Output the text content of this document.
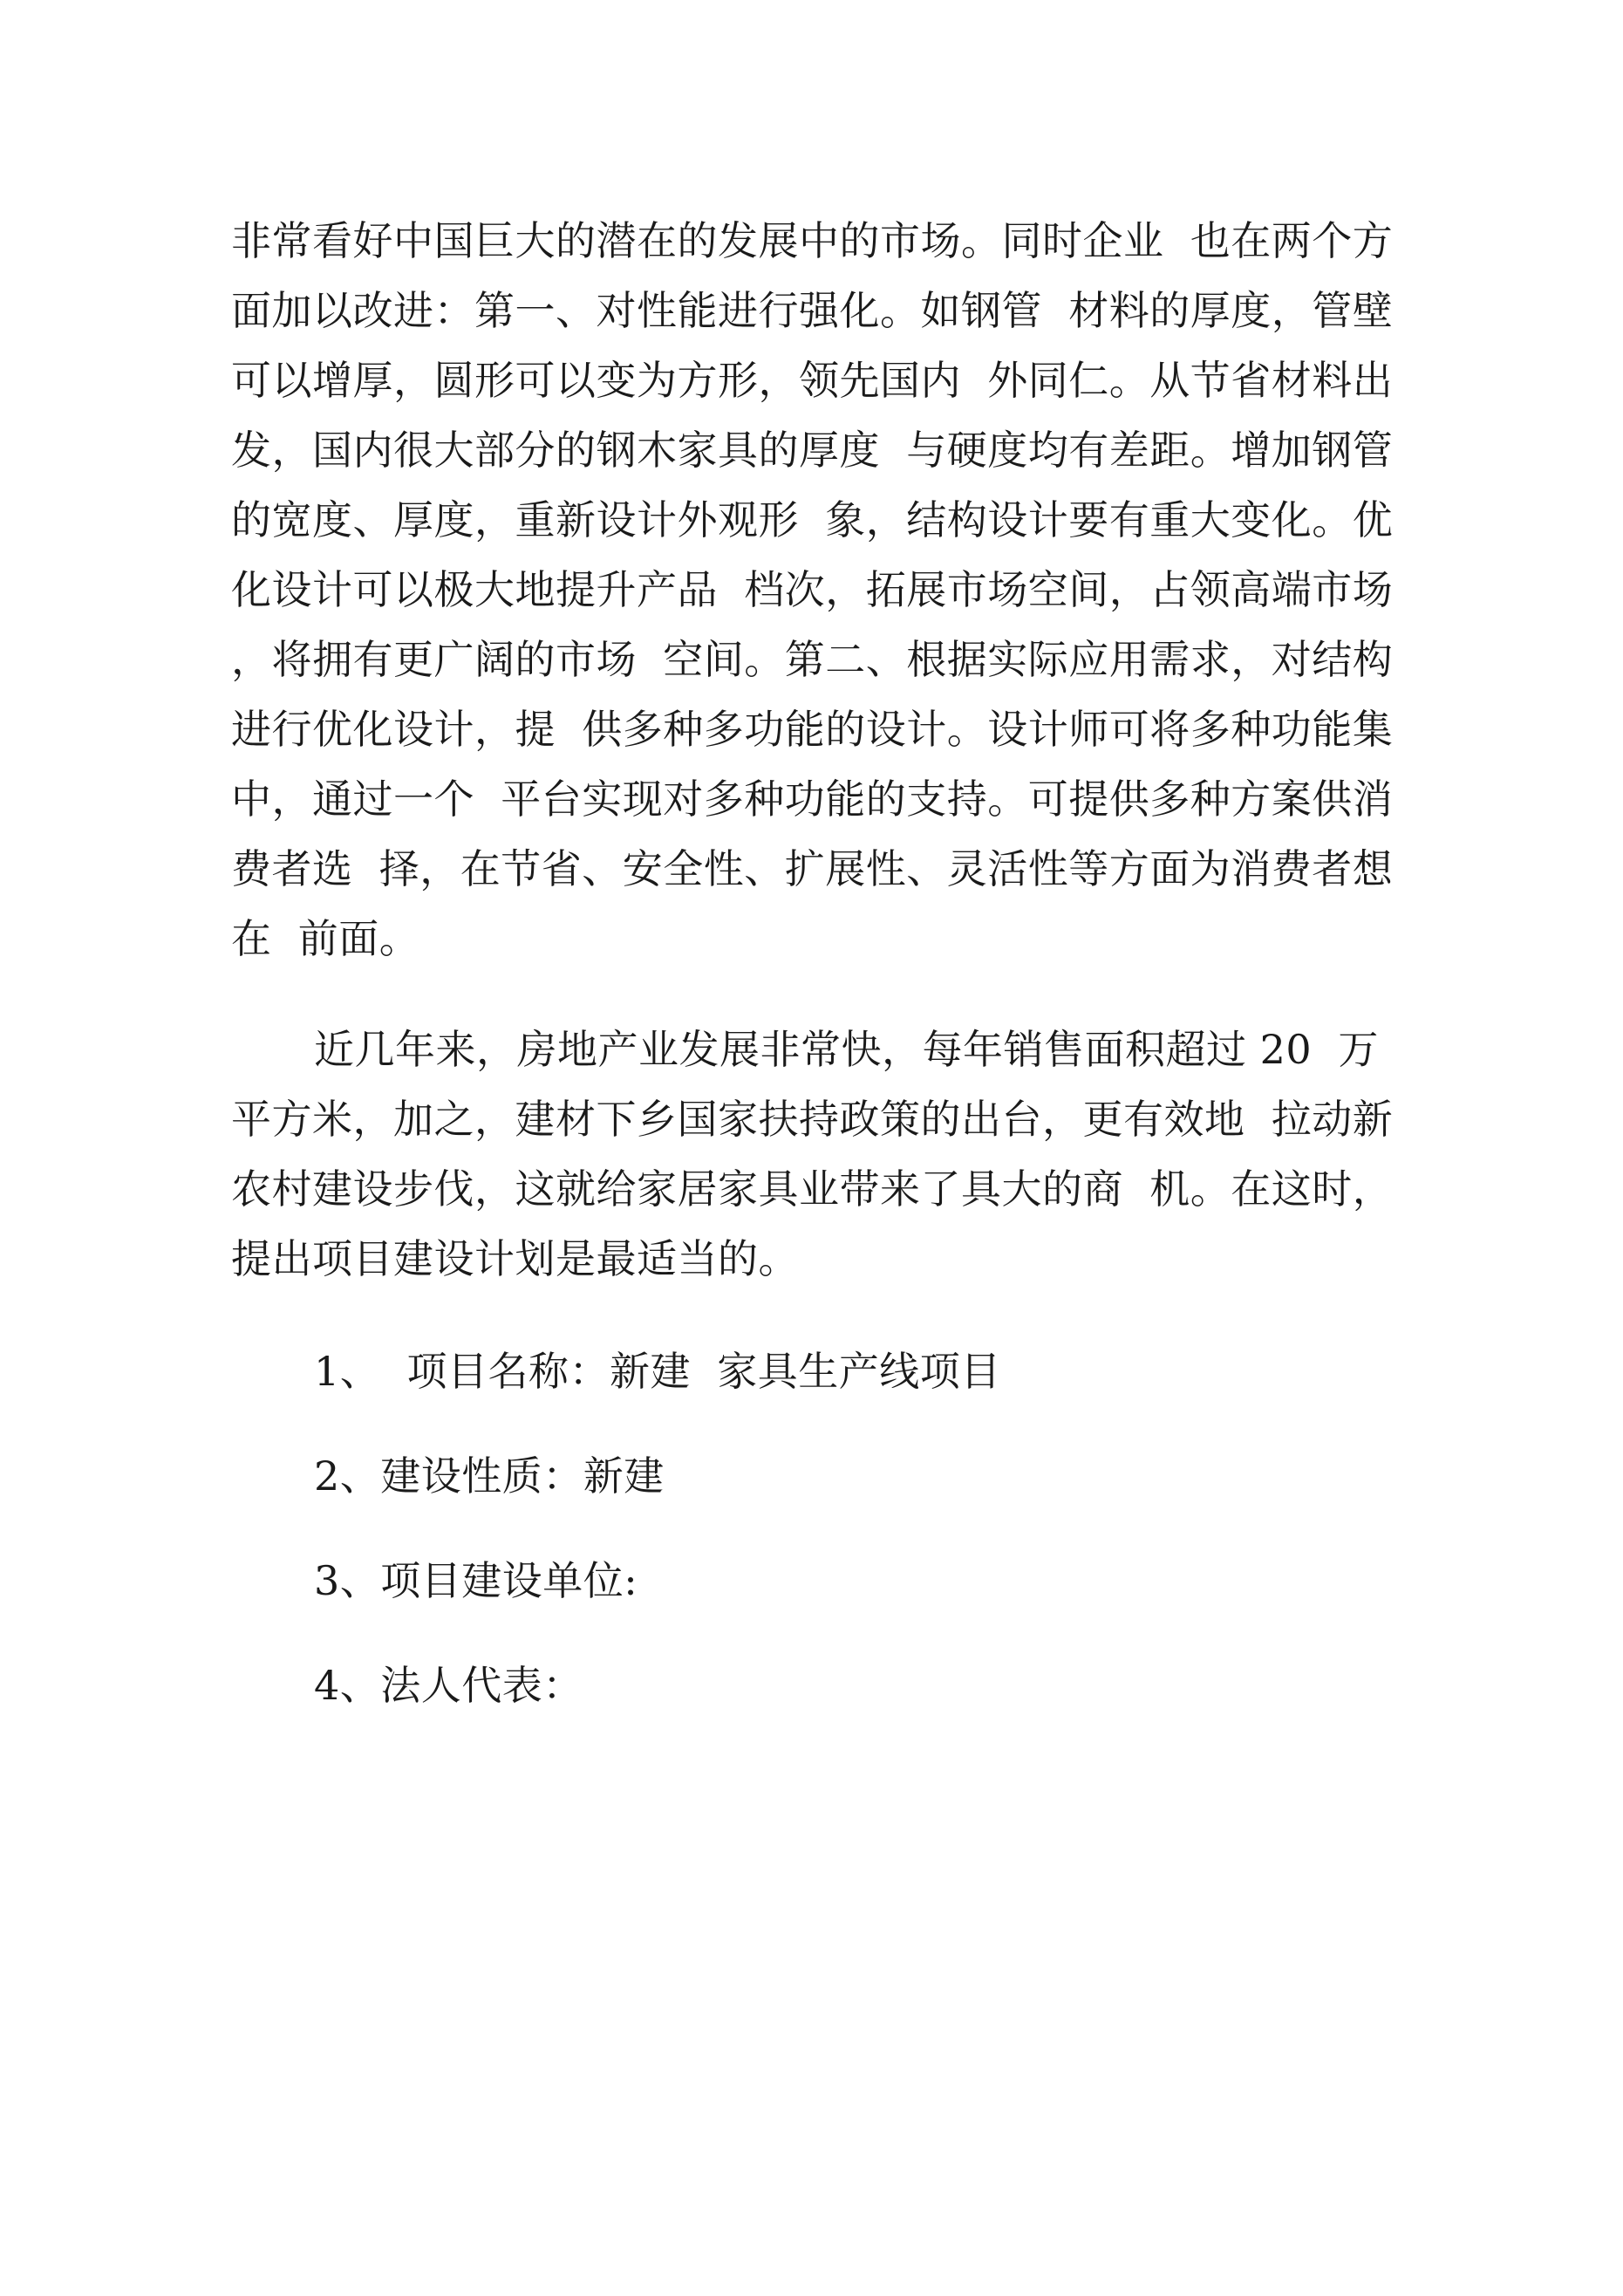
非常看好中国巨大的潜在的发展中的市场。同时企业  也在两个方
面加以改进：第一、对性能进行强化。如钢管  材料的厚度，管壁
可以增厚，圆形可以变为方形，领先国内  外同仁。从节省材料出
发，国内很大部分的钢木家具的厚度  与硬度均有差距。增加钢管
的宽度、厚度，重新设计外观形  象，结构设计要有重大变化。优
化设计可以极大地提升产品  档次，拓展市场空间，占领高端市场
，将拥有更广阔的市场  空间。第二、根据实际应用需求，对结构
进行优化设计，提  供多种多功能的设计。设计师可将多种功能集
中，通过一个  平台实现对多种功能的支持。可提供多种方案供消
费者选  择，在节省、安全性、扩展性、灵活性等方面为消费者想
在  前面。
近几年来，房地产业发展非常快，每年销售面积超过 20  万
平方米，加之，建材下乡国家扶持政策的出台，更有效地  拉动新
农村建设步伐，这就给家居家具业带来了具大的商  机。在这时，
提出项目建设计划是最适当的。
1、  项目名称：新建  家具生产线项目
2、建设性质：新建
3、项目建设单位:
4、法人代表：
